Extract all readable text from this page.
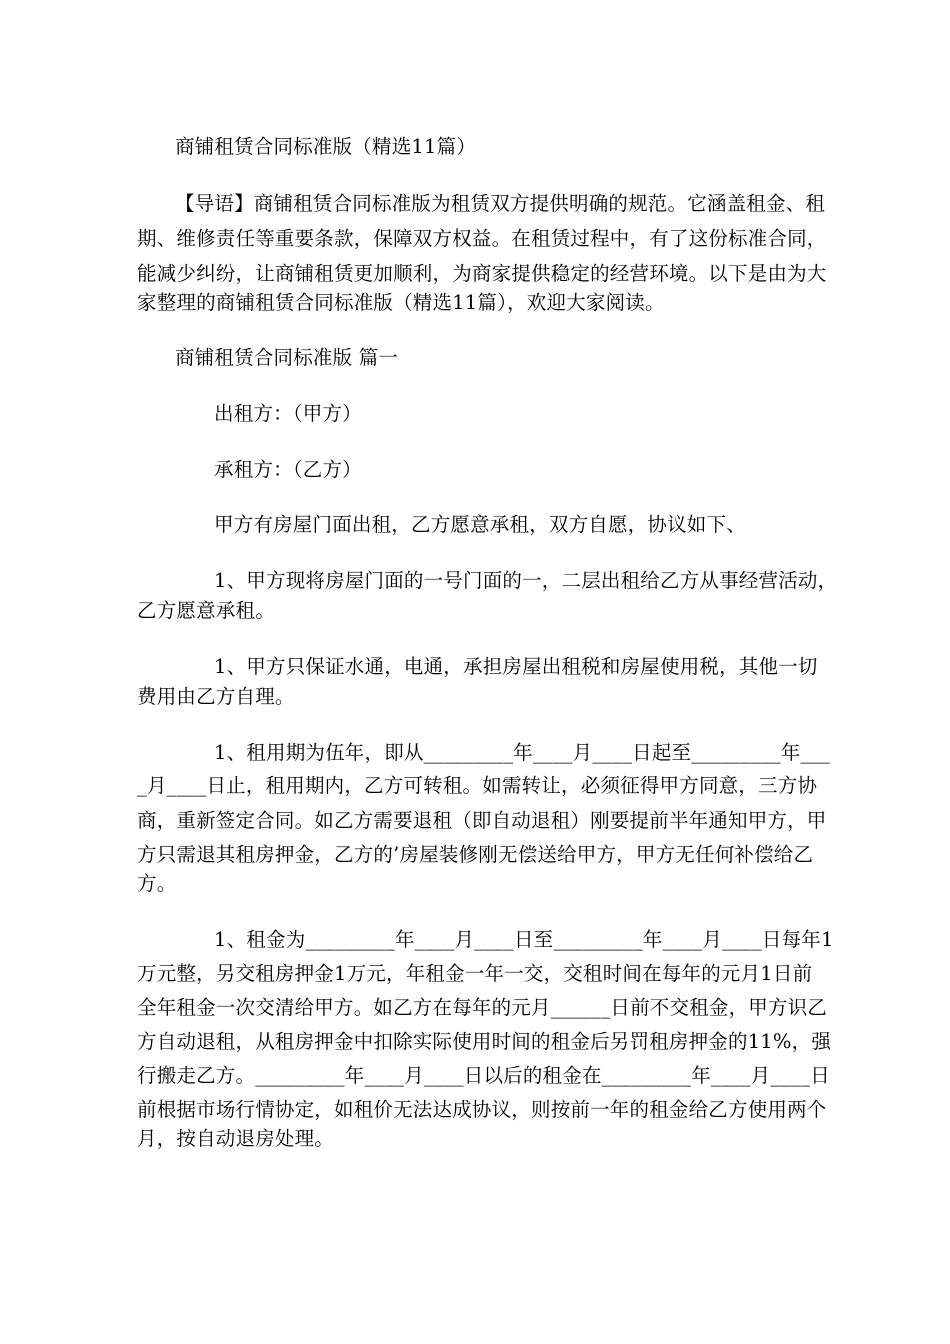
商铺租赁合同标准版（精选11篇）
【导语】商铺租赁合同标准版为租赁双方提供明确的规范。它涵盖租金、租
期、维修责任等重要条款，保障双方权益。在租赁过程中，有了这份标准合同，
能减少纠纷，让商铺租赁更加顺利，为商家提供稳定的经营环境。以下是由为大
家整理的商铺租赁合同标准版（精选11篇），欢迎大家阅读。
商铺租赁合同标准版 篇一
出租方：（甲方）
承租方：（乙方）
甲方有房屋门面出租，乙方愿意承租，双方自愿，协议如下、
1、甲方现将房屋门面的一号门面的一，二层出租给乙方从事经营活动，
乙方愿意承租。
1、甲方只保证水通，电通，承担房屋出租税和房屋使用税，其他一切
费用由乙方自理。
1、租用期为伍年，即从_________年____月____日起至_________年___
_月____日止，租用期内，乙方可转租。如需转让，必须征得甲方同意，三方协
商，重新签定合同。如乙方需要退租（即自动退租）刚要提前半年通知甲方，甲
方只需退其租房押金，乙方的’房屋装修刚无偿送给甲方，甲方无任何补偿给乙
方。
1、租金为_________年____月____日至_________年____月____日每年1
万元整，另交租房押金1万元，年租金一年一交，交租时间在每年的元月1日前
全年租金一次交清给甲方。如乙方在每年的元月______日前不交租金，甲方识乙
方自动退租，从租房押金中扣除实际使用时间的租金后另罚租房押金的11%，强
行搬走乙方。_________年____月____日以后的租金在_________年____月____日
前根据市场行情协定，如租价无法达成协议，则按前一年的租金给乙方使用两个
月，按自动退房处理。
